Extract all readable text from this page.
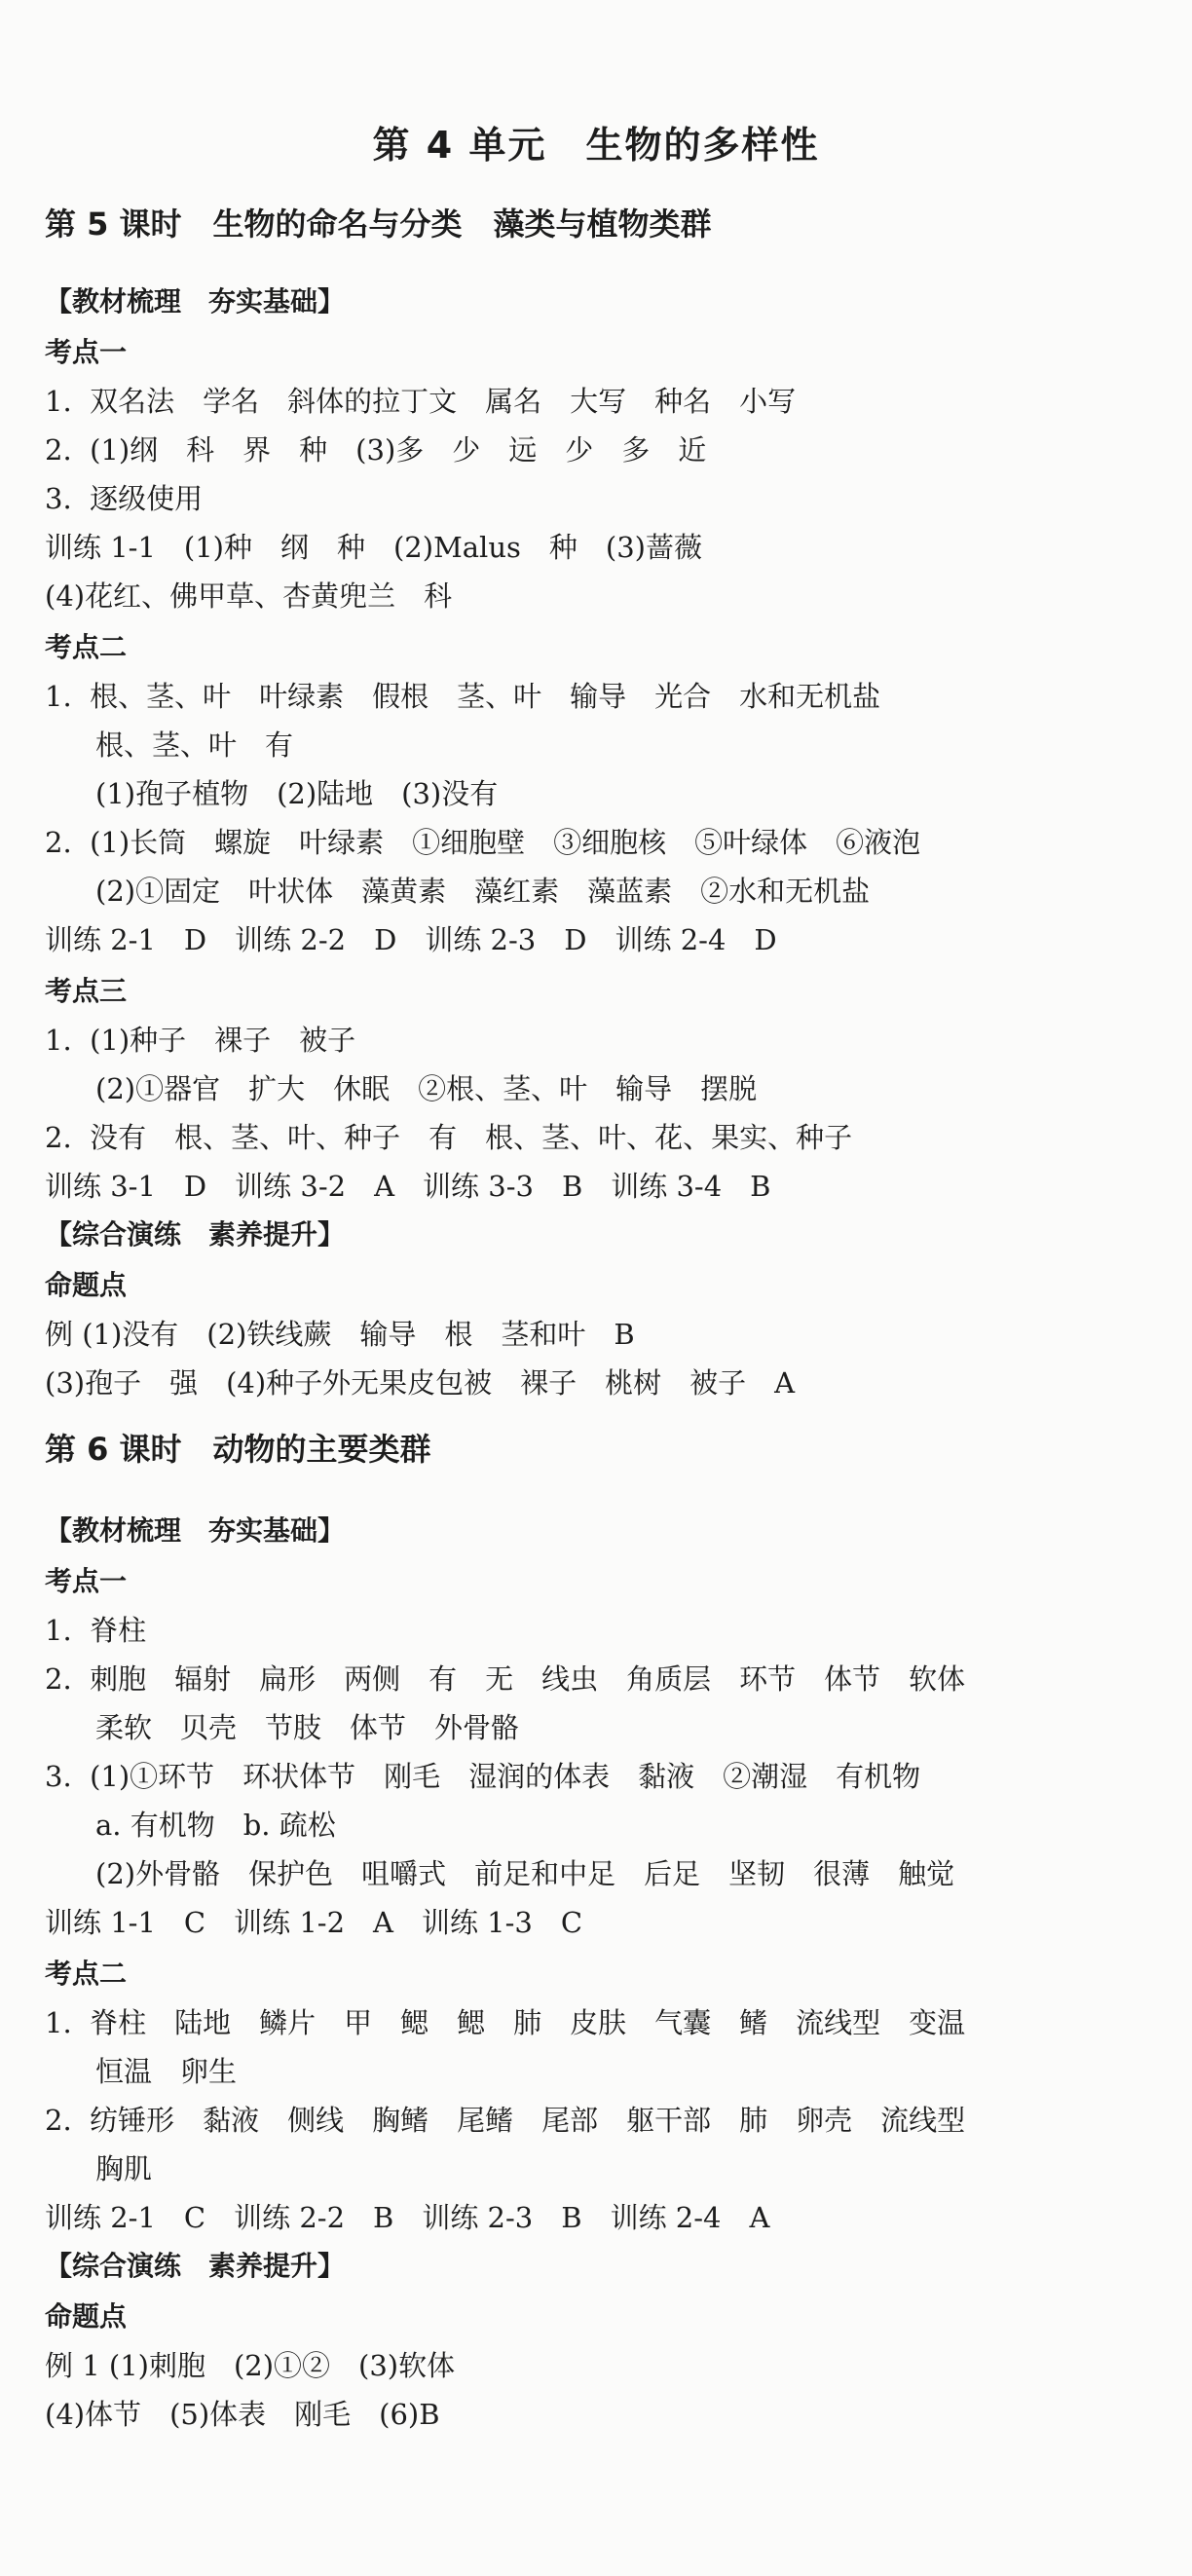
第 4 单元　生物的多样性
第 5 课时　生物的命名与分类　藻类与植物类群
【教材梳理　夯实基础】
考点一
1.  双名法　学名　斜体的拉丁文　属名　大写　种名　小写
2.  (1)纲　科　界　种　(3)多　少　远　少　多　近
3.  逐级使用
训练 1-1　(1)种　纲　种　(2)Malus　种　(3)蔷薇
(4)花红、佛甲草、杏黄兜兰　科
考点二
1.  根、茎、叶　叶绿素　假根　茎、叶　输导　光合　水和无机盐
根、茎、叶　有
(1)孢子植物　(2)陆地　(3)没有
2.  (1)长筒　螺旋　叶绿素　①细胞壁　③细胞核　⑤叶绿体　⑥液泡
(2)①固定　叶状体　藻黄素　藻红素　藻蓝素　②水和无机盐
训练 2-1　D　训练 2-2　D　训练 2-3　D　训练 2-4　D
考点三
1.  (1)种子　裸子　被子
(2)①器官　扩大　休眠　②根、茎、叶　输导　摆脱
2.  没有　根、茎、叶、种子　有　根、茎、叶、花、果实、种子
训练 3-1　D　训练 3-2　A　训练 3-3　B　训练 3-4　B
【综合演练　素养提升】
命题点
例 (1)没有　(2)铁线蕨　输导　根　茎和叶　B
(3)孢子　强　(4)种子外无果皮包被　裸子　桃树　被子　A
第 6 课时　动物的主要类群
【教材梳理　夯实基础】
考点一
1.  脊柱
2.  刺胞　辐射　扁形　两侧　有　无　线虫　角质层　环节　体节　软体
柔软　贝壳　节肢　体节　外骨骼
3.  (1)①环节　环状体节　刚毛　湿润的体表　黏液　②潮湿　有机物
a. 有机物　b. 疏松
(2)外骨骼　保护色　咀嚼式　前足和中足　后足　坚韧　很薄　触觉
训练 1-1　C　训练 1-2　A　训练 1-3　C
考点二
1.  脊柱　陆地　鳞片　甲　鳃　鳃　肺　皮肤　气囊　鳍　流线型　变温
恒温　卵生
2.  纺锤形　黏液　侧线　胸鳍　尾鳍　尾部　躯干部　肺　卵壳　流线型
胸肌
训练 2-1　C　训练 2-2　B　训练 2-3　B　训练 2-4　A
【综合演练　素养提升】
命题点
例 1 (1)刺胞　(2)①②　(3)软体
(4)体节　(5)体表　刚毛　(6)B
